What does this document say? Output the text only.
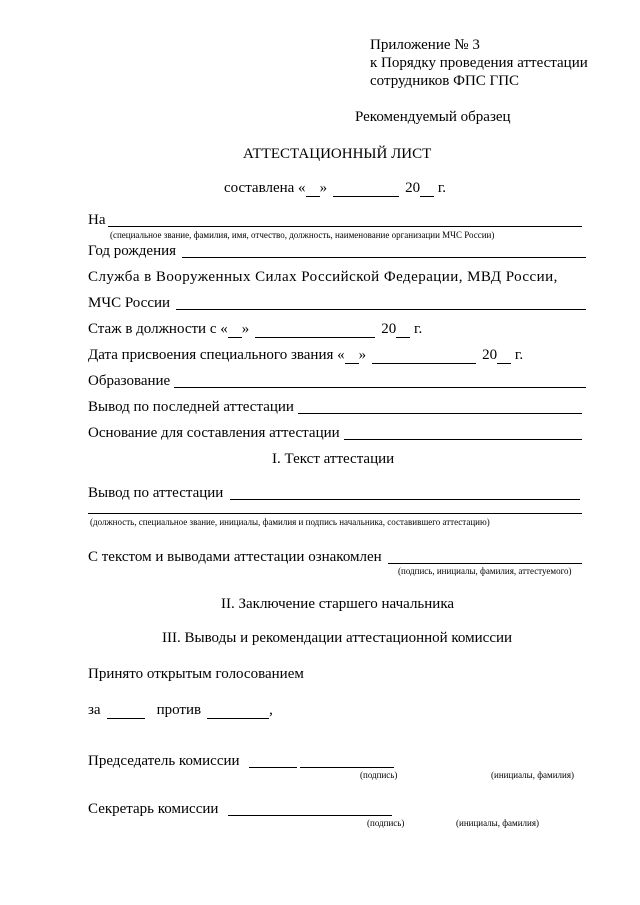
Приложение № 3
к Порядку проведения аттестации
сотрудников ФПС ГПС
Рекомендуемый образец
АТТЕСТАЦИОННЫЙ ЛИСТ
составлена « »	20  г.
На
(специальное звание, фамилия, имя, отчество, должность, наименование организации МЧС России)
Год рождения
Служба в Вооруженных Силах Российской Федерации, МВД России,
МЧС России
Стаж в должности с « »	20  г.
Дата присвоения специального звания « »	20  г.
Образование
Вывод по последней аттестации
Основание для составления аттестации
I. Текст аттестации
Вывод по аттестации
(должность, специальное звание, инициалы, фамилия и подпись начальника, составившего аттестацию)
С текстом и выводами аттестации ознакомлен
(подпись, инициалы, фамилия, аттестуемого)
II. Заключение старшего начальника
III. Выводы и рекомендации аттестационной комиссии
Принято открытым голосованием
за	против	,
Председатель комиссии
(подпись)	(инициалы, фамилия)
Секретарь комиссии
(подпись)	(инициалы, фамилия)
